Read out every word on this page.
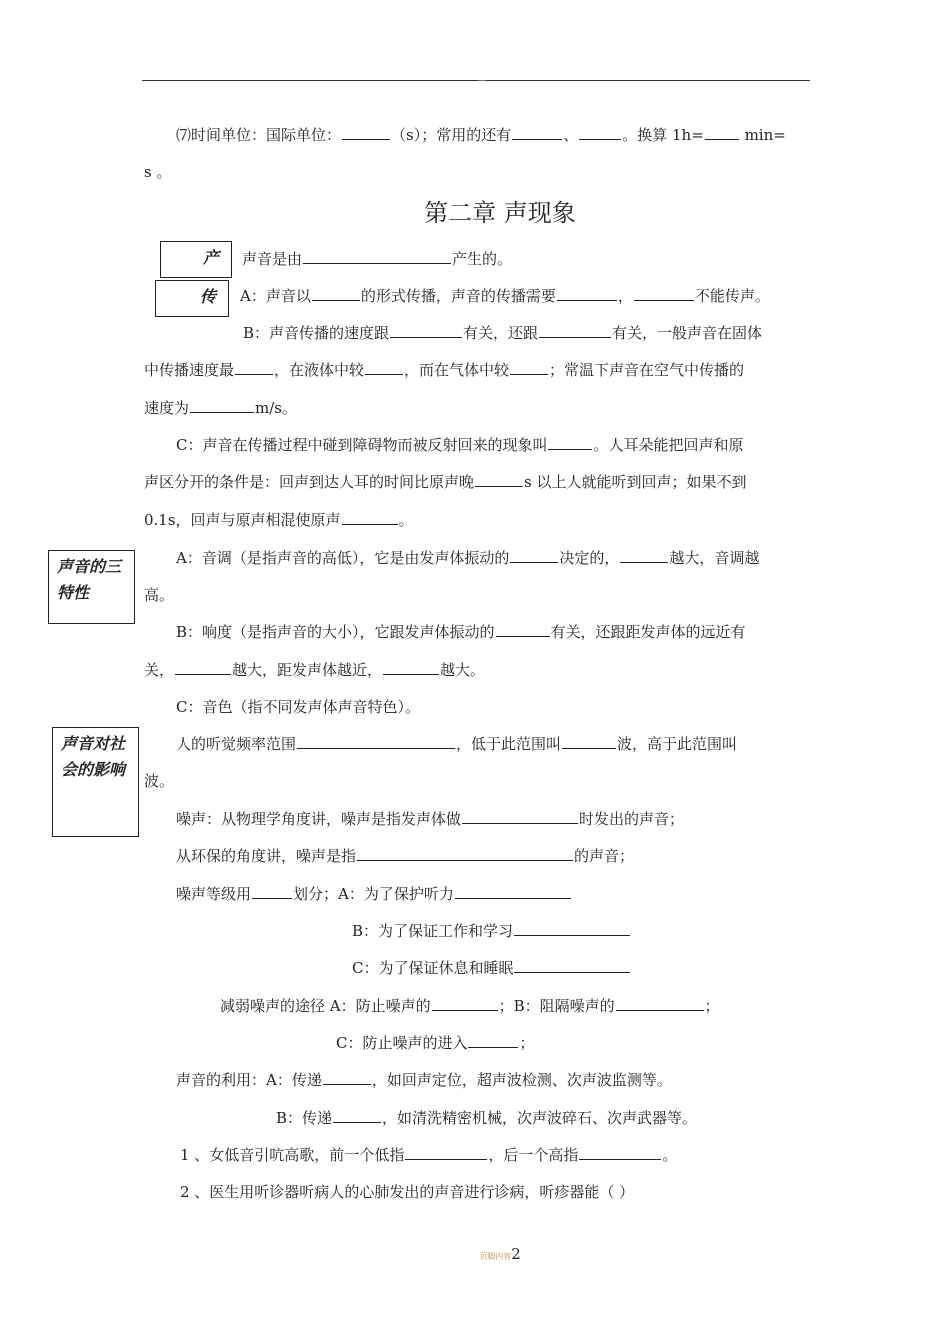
﹏
⑺时间单位：国际单位：	（s）；常用的还有	、	。换算 1h=	min=
s 。
第二章 声现象
产
传
声音的三特性
声音对社会的影响
声音是由	产生的。
A：声音以	的形式传播，声音的传播需要	，	不能传声。
B：声音传播的速度跟	有关，还跟	有关，一般声音在固体
中传播速度最	，在液体中较	，而在气体中较	；常温下声音在空气中传播的
速度为	m/s。
C：声音在传播过程中碰到障碍物而被反射回来的现象叫	。人耳朵能把回声和原
声区分开的条件是：回声到达人耳的时间比原声晚	s 以上人就能听到回声；如果不到
0.1s，回声与原声相混使原声	。
A：音调（是指声音的高低），它是由发声体振动的	决定的，	越大，音调越
高。
B：响度（是指声音的大小），它跟发声体振动的	有关，还跟距发声体的远近有
关，	越大，距发声体越近，	越大。
C：音色（指不同发声体声音特色）。
人的听觉频率范围	，低于此范围叫	波，高于此范围叫
波。
噪声：从物理学角度讲，噪声是指发声体做	时发出的声音；
从环保的角度讲，噪声是指	的声音；
噪声等级用	划分；A：为了保护听力
B：为了保证工作和学习
C：为了保证休息和睡眠
减弱噪声的途径 A：防止噪声的	；B：阻隔噪声的	；
C：防止噪声的进入	；
声音的利用：A：传递	，如回声定位，超声波检测、次声波监测等。
B：传递	，如清洗精密机械，次声波碎石、次声武器等。
1 、女低音引吭高歌，前一个低指	，后一个高指	。
2 、医生用听诊器听病人的心肺发出的声音进行诊病，听疹器能（ ）
页脚内容2
